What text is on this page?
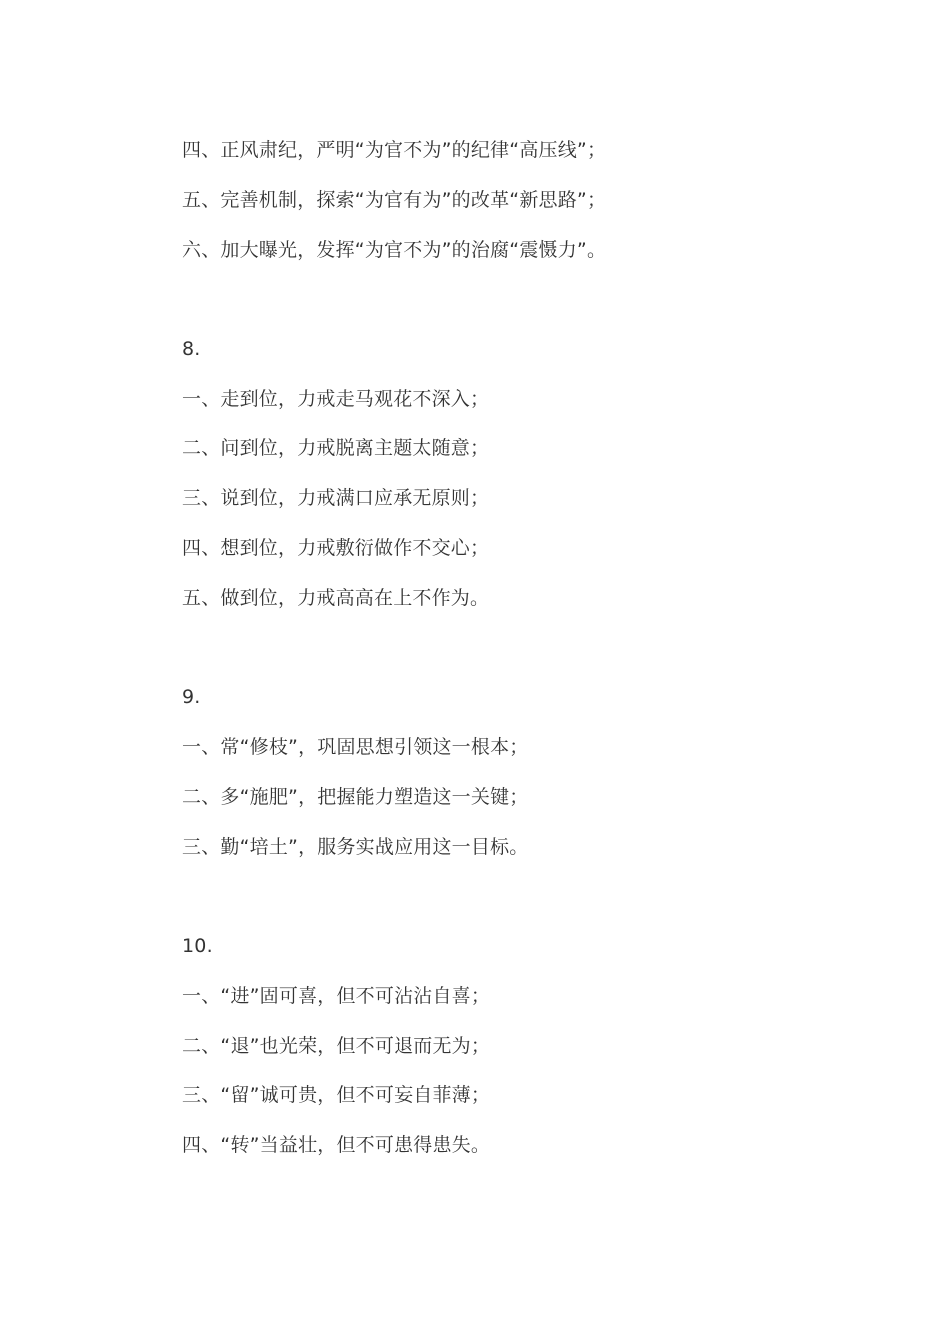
四、正风肃纪，严明“为官不为”的纪律“高压线”；
五、完善机制，探索“为官有为”的改革“新思路”；
六、加大曝光，发挥“为官不为”的治腐“震慑力”。
8.
一、走到位，力戒走马观花不深入；
二、问到位，力戒脱离主题太随意；
三、说到位，力戒满口应承无原则；
四、想到位，力戒敷衍做作不交心；
五、做到位，力戒高高在上不作为。
9.
一、常“修枝”，巩固思想引领这一根本；
二、多“施肥”，把握能力塑造这一关键；
三、勤“培土”，服务实战应用这一目标。
10.
一、“进”固可喜，但不可沾沾自喜；
二、“退”也光荣，但不可退而无为；
三、“留”诚可贵，但不可妄自菲薄；
四、“转”当益壮，但不可患得患失。
